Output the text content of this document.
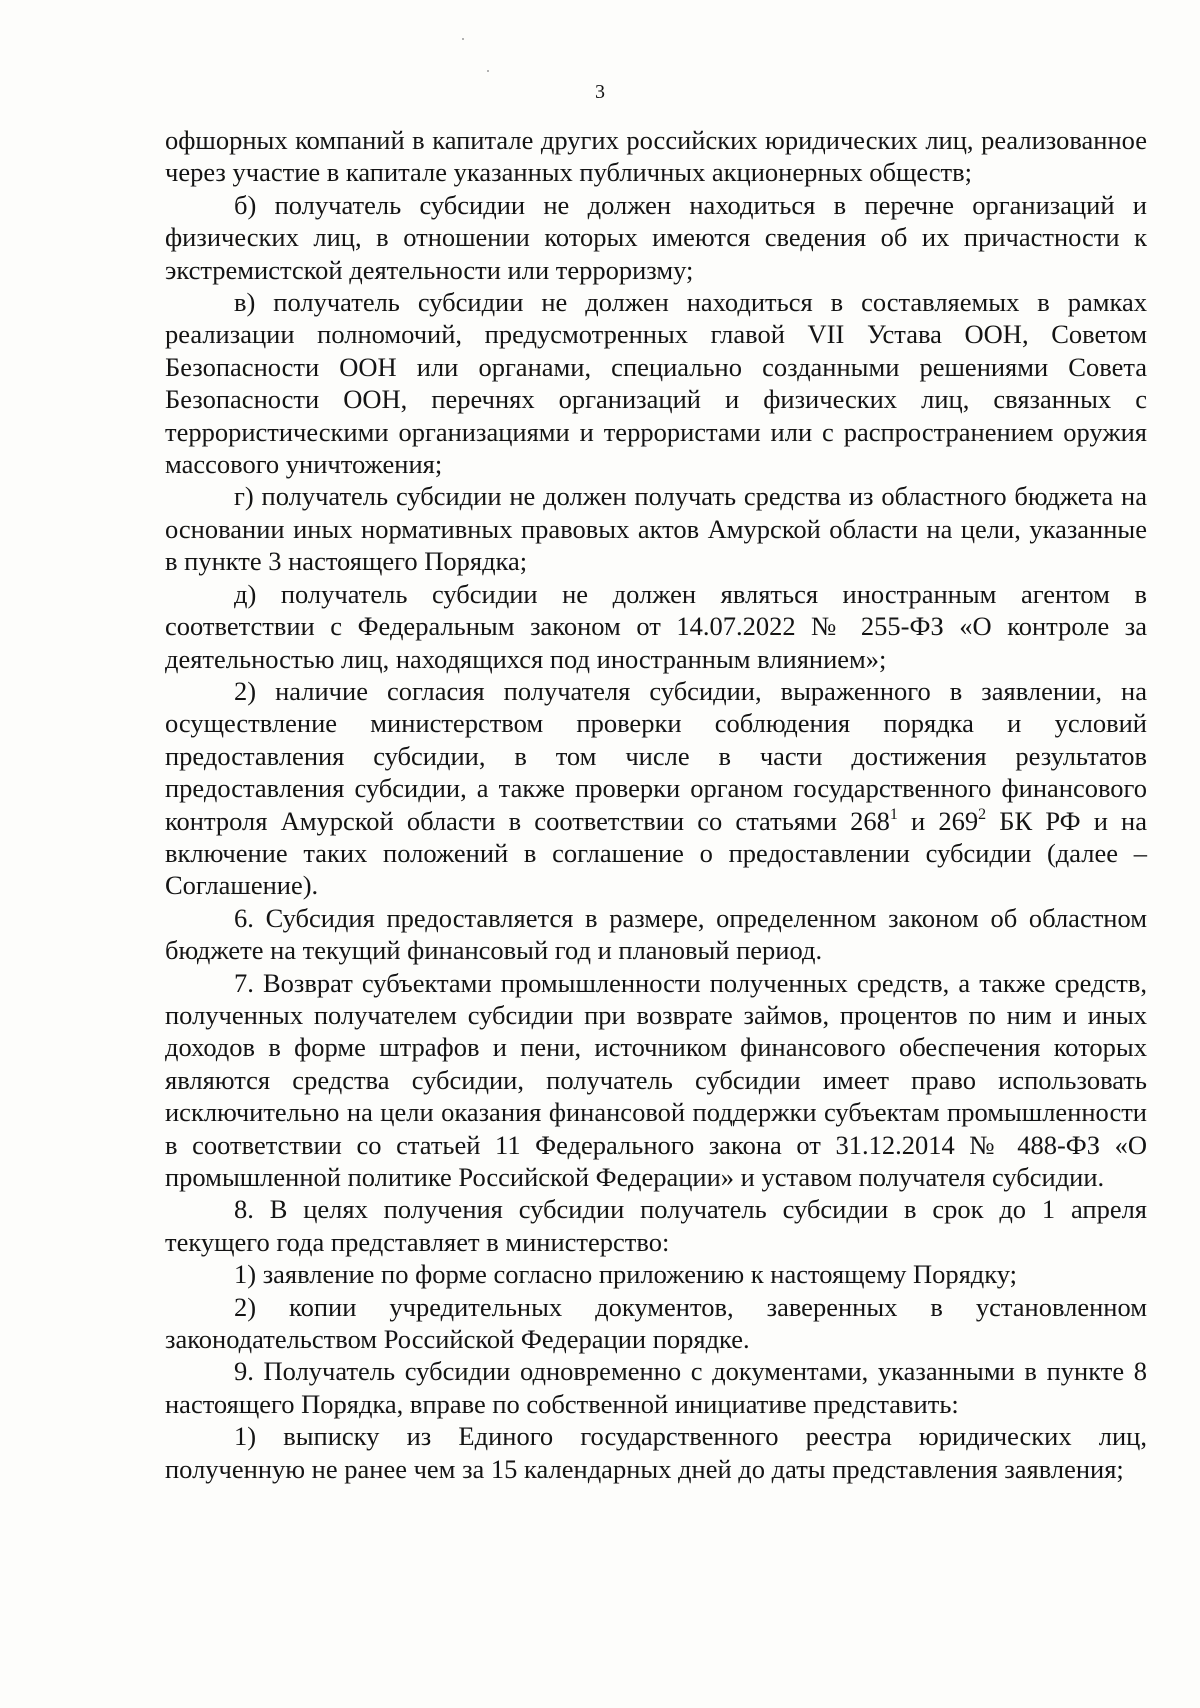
3

офшорных компаний в капитале других российских юридических лиц, реализованное через участие в капитале указанных публичных акционерных обществ;

б) получатель субсидии не должен находиться в перечне организаций и физических лиц, в отношении которых имеются сведения об их причастности к экстремистской деятельности или терроризму;

в) получатель субсидии не должен находиться в составляемых в рамках реализации полномочий, предусмотренных главой VII Устава ООН, Советом Безопасности ООН или органами, специально созданными решениями Совета Безопасности ООН, перечнях организаций и физических лиц, связанных с террористическими организациями и террористами или с распространением оружия массового уничтожения;

г) получатель субсидии не должен получать средства из областного бюджета на основании иных нормативных правовых актов Амурской области на цели, указанные в пункте 3 настоящего Порядка;

д) получатель субсидии не должен являться иностранным агентом в соответствии с Федеральным законом от 14.07.2022 № 255-ФЗ «О контроле за деятельностью лиц, находящихся под иностранным влиянием»;

2) наличие согласия получателя субсидии, выраженного в заявлении, на осуществление министерством проверки соблюдения порядка и условий предоставления субсидии, в том числе в части достижения результатов предоставления субсидии, а также проверки органом государственного финансового контроля Амурской области в соответствии со статьями $268^1$ и $269^2$ БК РФ и на включение таких положений в соглашение о предоставлении субсидии (далее – Соглашение).

6. Субсидия предоставляется в размере, определенном законом об областном бюджете на текущий финансовый год и плановый период.

7. Возврат субъектами промышленности полученных средств, а также средств, полученных получателем субсидии при возврате займов, процентов по ним и иных доходов в форме штрафов и пени, источником финансового обеспечения которых являются средства субсидии, получатель субсидии имеет право использовать исключительно на цели оказания финансовой поддержки субъектам промышленности в соответствии со статьей 11 Федерального закона от 31.12.2014 № 488-ФЗ «О промышленной политике Российской Федерации» и уставом получателя субсидии.

8. В целях получения субсидии получатель субсидии в срок до 1 апреля текущего года представляет в министерство:

1) заявление по форме согласно приложению к настоящему Порядку;

2) копии учредительных документов, заверенных в установленном законодательством Российской Федерации порядке.

9. Получатель субсидии одновременно с документами, указанными в пункте 8 настоящего Порядка, вправе по собственной инициативе представить:

1) выписку из Единого государственного реестра юридических лиц, полученную не ранее чем за 15 календарных дней до даты представления заявления;
